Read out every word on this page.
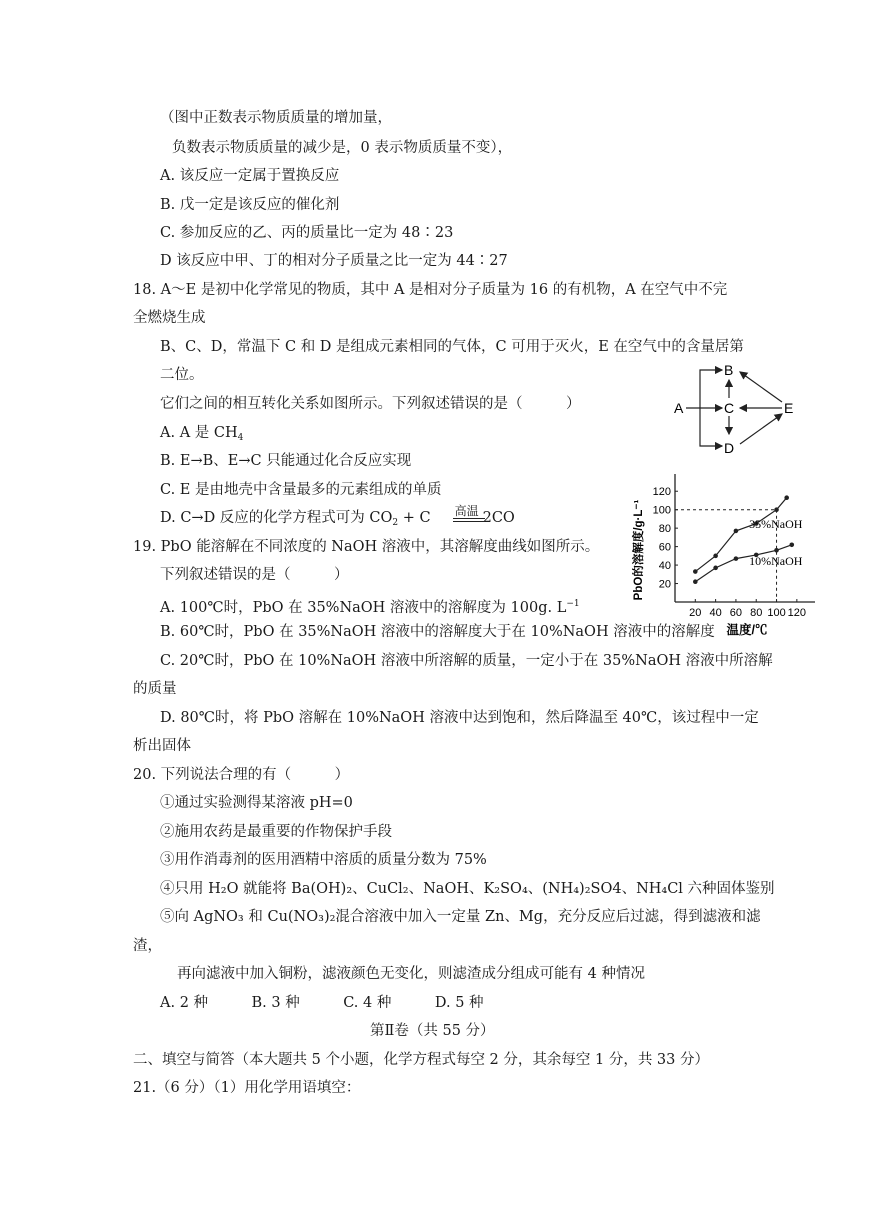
（图中正数表示物质质量的增加量，
负数表示物质质量的减少是，0 表示物质质量不变），
A. 该反应一定属于置换反应
B. 戊一定是该反应的催化剂
C. 参加反应的乙、丙的质量比一定为 48∶23
D 该反应中甲、丁的相对分子质量之比一定为 44∶27
18. A～E 是初中化学常见的物质，其中 A 是相对分子质量为 16 的有机物，A 在空气中不完
全燃烧生成
B、C、D，常温下 C 和 D 是组成元素相同的气体，C 可用于灭火，E 在空气中的含量居第
二位。
它们之间的相互转化关系如图所示。下列叙述错误的是（　　　）
A. A 是 $CH_4$
B. E→B、E→C 只能通过化合反应实现
C. E 是由地壳中含量最多的元素组成的单质
D. C→D 反应的化学方程式可为 $CO_2 + C$ 高温 2CO
A
B
C
D
E
19. PbO 能溶解在不同浓度的 NaOH 溶液中，其溶解度曲线如图所示。
下列叙述错误的是（　　　）
A. 100℃时，PbO 在 35%NaOH 溶液中的溶解度为 100g. $L^{-1}$
B. 60℃时，PbO 在 35%NaOH 溶液中的溶解度大于在 10%NaOH 溶液中的溶解度
C. 20℃时，PbO 在 10%NaOH 溶液中所溶解的质量，一定小于在 35%NaOH 溶液中所溶解
的质量
D. 80℃时，将 PbO 溶解在 10%NaOH 溶液中达到饱和，然后降温至 40℃，该过程中一定
析出固体
PbO的溶解度/g·L⁻¹
温度/℃
20 40 60 80 100 120
20
40
60
80
100
120
35%NaOH
10%NaOH
20. 下列说法合理的有（　　　）
①通过实验测得某溶液 pH=0
②施用农药是最重要的作物保护手段
③用作消毒剂的医用酒精中溶质的质量分数为 75%
④只用 H₂O 就能将 Ba(OH)₂、CuCl₂、NaOH、K₂SO₄、(NH₄)₂SO4、NH₄Cl 六种固体鉴别
⑤向 AgNO₃ 和 Cu(NO₃)₂混合溶液中加入一定量 Zn、Mg，充分反应后过滤，得到滤液和滤
渣，
再向滤液中加入铜粉，滤液颜色无变化，则滤渣成分组成可能有 4 种情况
A. 2 种　　　B. 3 种　　　C. 4 种　　　D. 5 种
第Ⅱ卷（共 55 分）
二、填空与简答（本大题共 5 个小题，化学方程式每空 2 分，其余每空 1 分，共 33 分）
21.（6 分）（1）用化学用语填空：
